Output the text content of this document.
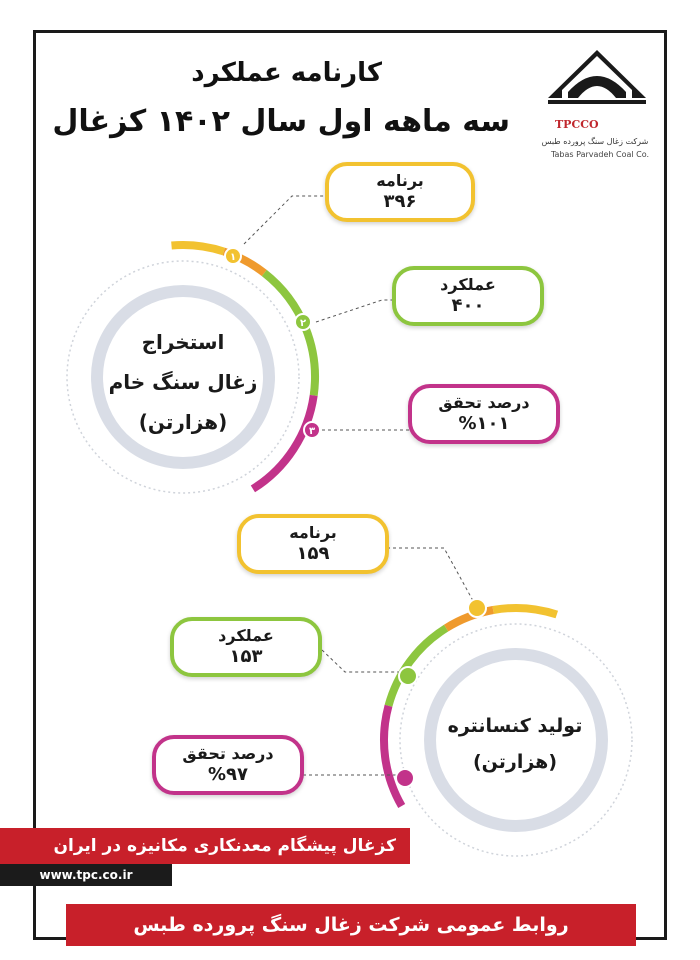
کارنامه عملکرد
سه ماهه اول سال ۱۴۰۲ کزغال	TPCCO
شرکت زغال سنگ پرورده طبس
Tabas Parvadeh Coal Co.
۱
۲
۳
استخراج
زغال سنگ خام
(هزارتن)
برنامه
۳۹۶
عملکرد
۴۰۰
درصد تحقق
%۱۰۱
تولید کنسانتره
(هزارتن)
برنامه
۱۵۹
عملکرد
۱۵۳
درصد تحقق
%۹۷
کزغال پیشگام معدنکاری مکانیزه در ایران
www.tpc.co.ir
روابط عمومی شرکت زغال سنگ پرورده طبس
